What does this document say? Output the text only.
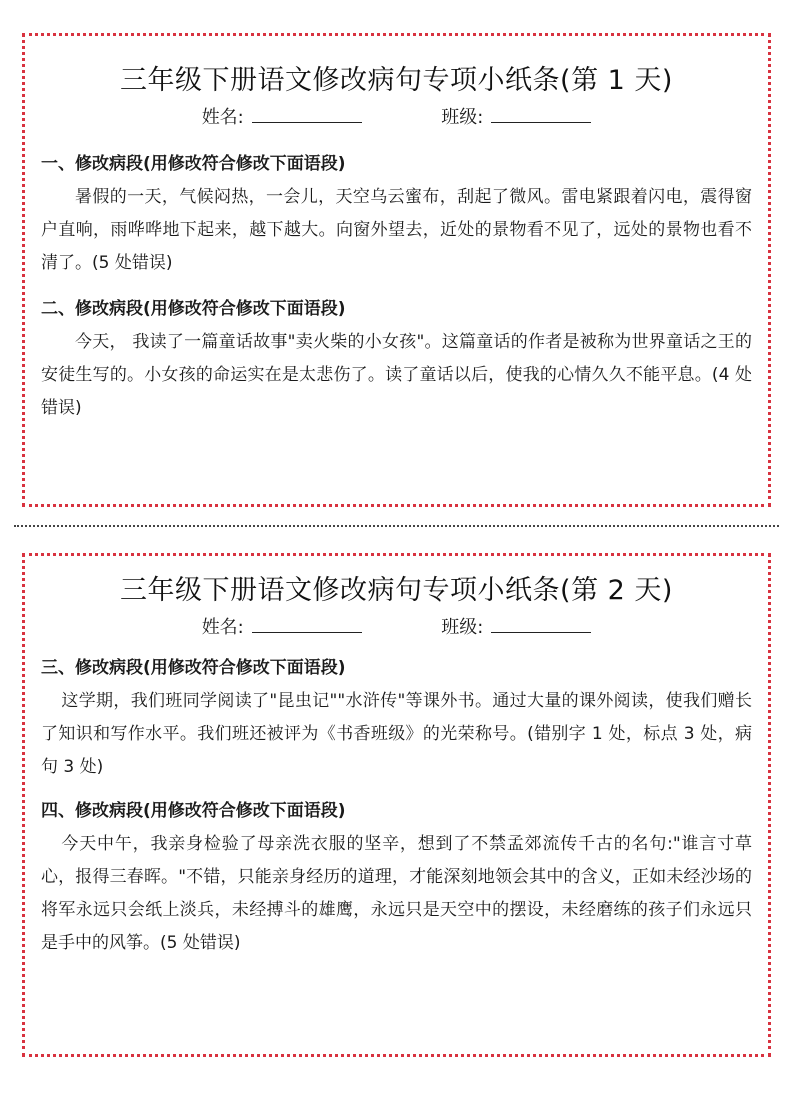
三年级下册语文修改病句专项小纸条(第 1 天)
姓名:	班级:
一、修改病段(用修改符合修改下面语段)
暑假的一天，气候闷热，一会儿，天空乌云蜜布，刮起了微风。雷电紧跟着闪电，震得窗户直响，雨哗哗地下起来，越下越大。向窗外望去，近处的景物看不见了，远处的景物也看不清了。(5 处错误)
二、修改病段(用修改符合修改下面语段)
今天， 我读了一篇童话故事"卖火柴的小女孩"。这篇童话的作者是被称为世界童话之王的安徒生写的。小女孩的命运实在是太悲伤了。读了童话以后，使我的心情久久不能平息。(4 处错误)
三年级下册语文修改病句专项小纸条(第 2 天)
姓名:	班级:
三、修改病段(用修改符合修改下面语段)
这学期，我们班同学阅读了"昆虫记""水浒传"等课外书。通过大量的课外阅读，使我们赠长了知识和写作水平。我们班还被评为《书香班级》的光荣称号。(错别字 1 处，标点 3 处，病句 3 处)
四、修改病段(用修改符合修改下面语段)
今天中午，我亲身检验了母亲洗衣服的坚辛，想到了不禁孟郊流传千古的名句:"谁言寸草心，报得三春晖。"不错，只能亲身经历的道理，才能深刻地领会其中的含义，正如未经沙场的将军永远只会纸上淡兵，未经搏斗的雄鹰，永远只是天空中的摆设，未经磨练的孩子们永远只是手中的风筝。(5 处错误)
